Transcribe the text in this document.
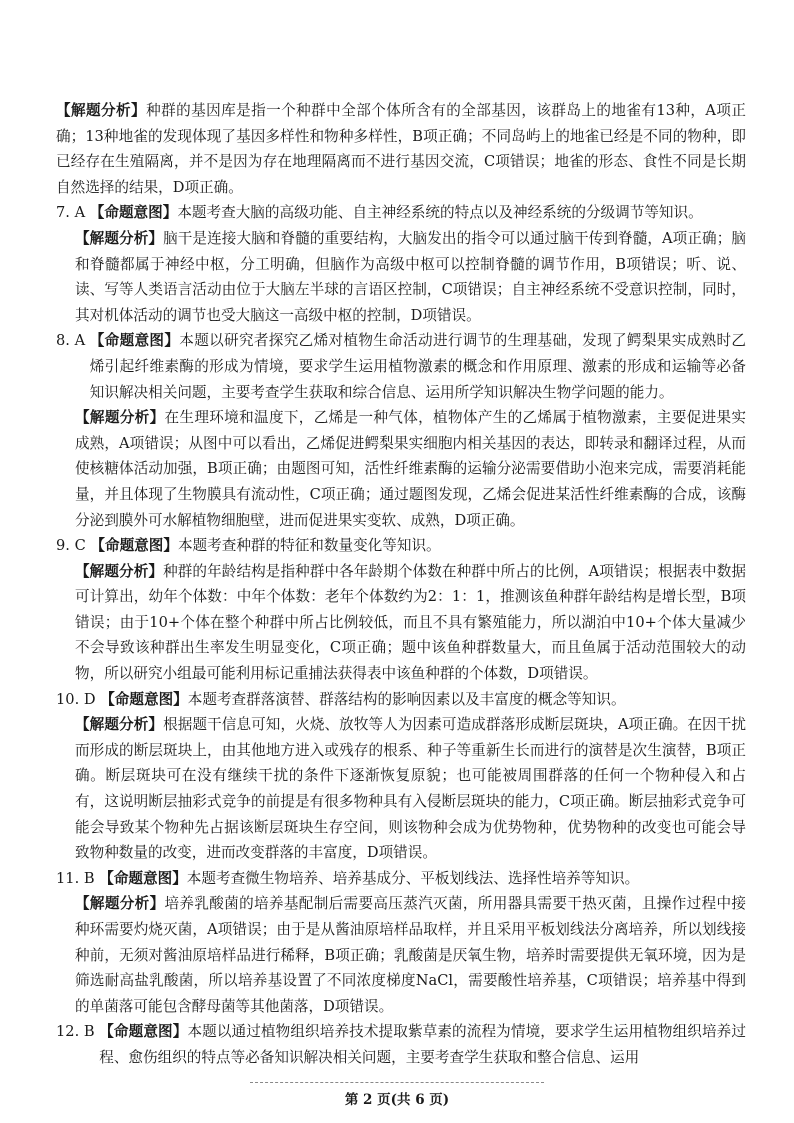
【解题分析】种群的基因库是指一个种群中全部个体所含有的全部基因，该群岛上的地雀有13种，A项正确；13种地雀的发现体现了基因多样性和物种多样性，B项正确；不同岛屿上的地雀已经是不同的物种，即已经存在生殖隔离，并不是因为存在地理隔离而不进行基因交流，C项错误；地雀的形态、食性不同是长期自然选择的结果，D项正确。

7. A 【命题意图】本题考查大脑的高级功能、自主神经系统的特点以及神经系统的分级调节等知识。

【解题分析】脑干是连接大脑和脊髓的重要结构，大脑发出的指令可以通过脑干传到脊髓，A项正确；脑和脊髓都属于神经中枢，分工明确，但脑作为高级中枢可以控制脊髓的调节作用，B项错误；听、说、读、写等人类语言活动由位于大脑左半球的言语区控制，C项错误；自主神经系统不受意识控制，同时，其对机体活动的调节也受大脑这一高级中枢的控制，D项错误。

8. A 【命题意图】本题以研究者探究乙烯对植物生命活动进行调节的生理基础，发现了鳄梨果实成熟时乙烯引起纤维素酶的形成为情境，要求学生运用植物激素的概念和作用原理、激素的形成和运输等必备知识解决相关问题，主要考查学生获取和综合信息、运用所学知识解决生物学问题的能力。

【解题分析】在生理环境和温度下，乙烯是一种气体，植物体产生的乙烯属于植物激素，主要促进果实成熟，A项错误；从图中可以看出，乙烯促进鳄梨果实细胞内相关基因的表达，即转录和翻译过程，从而使核糖体活动加强，B项正确；由题图可知，活性纤维素酶的运输分泌需要借助小泡来完成，需要消耗能量，并且体现了生物膜具有流动性，C项正确；通过题图发现，乙烯会促进某活性纤维素酶的合成，该酶分泌到膜外可水解植物细胞壁，进而促进果实变软、成熟，D项正确。

9. C 【命题意图】本题考查种群的特征和数量变化等知识。

【解题分析】种群的年龄结构是指种群中各年龄期个体数在种群中所占的比例，A项错误；根据表中数据可计算出，幼年个体数：中年个体数：老年个体数约为2：1：1，推测该鱼种群年龄结构是增长型，B项错误；由于10+个体在整个种群中所占比例较低，而且不具有繁殖能力，所以湖泊中10+个体大量减少不会导致该种群出生率发生明显变化，C项正确；题中该鱼种群数量大，而且鱼属于活动范围较大的动物，所以研究小组最可能利用标记重捕法获得表中该鱼种群的个体数，D项错误。

10. D 【命题意图】本题考查群落演替、群落结构的影响因素以及丰富度的概念等知识。

【解题分析】根据题干信息可知，火烧、放牧等人为因素可造成群落形成断层斑块，A项正确。在因干扰而形成的断层斑块上，由其他地方进入或残存的根系、种子等重新生长而进行的演替是次生演替，B项正确。断层斑块可在没有继续干扰的条件下逐渐恢复原貌；也可能被周围群落的任何一个物种侵入和占有，这说明断层抽彩式竞争的前提是有很多物种具有入侵断层斑块的能力，C项正确。断层抽彩式竞争可能会导致某个物种先占据该断层斑块生存空间，则该物种会成为优势物种，优势物种的改变也可能会导致物种数量的改变，进而改变群落的丰富度，D项错误。

11. B 【命题意图】本题考查微生物培养、培养基成分、平板划线法、选择性培养等知识。

【解题分析】培养乳酸菌的培养基配制后需要高压蒸汽灭菌，所用器具需要干热灭菌，且操作过程中接种环需要灼烧灭菌，A项错误；由于是从酱油原培样品取样，并且采用平板划线法分离培养，所以划线接种前，无须对酱油原培样品进行稀释，B项正确；乳酸菌是厌氧生物，培养时需要提供无氧环境，因为是筛选耐高盐乳酸菌，所以培养基设置了不同浓度梯度NaCl，需要酸性培养基，C项错误；培养基中得到的单菌落可能包含酵母菌等其他菌落，D项错误。

12. B 【命题意图】本题以通过植物组织培养技术提取紫草素的流程为情境，要求学生运用植物组织培养过程、愈伤组织的特点等必备知识解决相关问题，主要考查学生获取和整合信息、运用
第 2 页(共 6 页)
